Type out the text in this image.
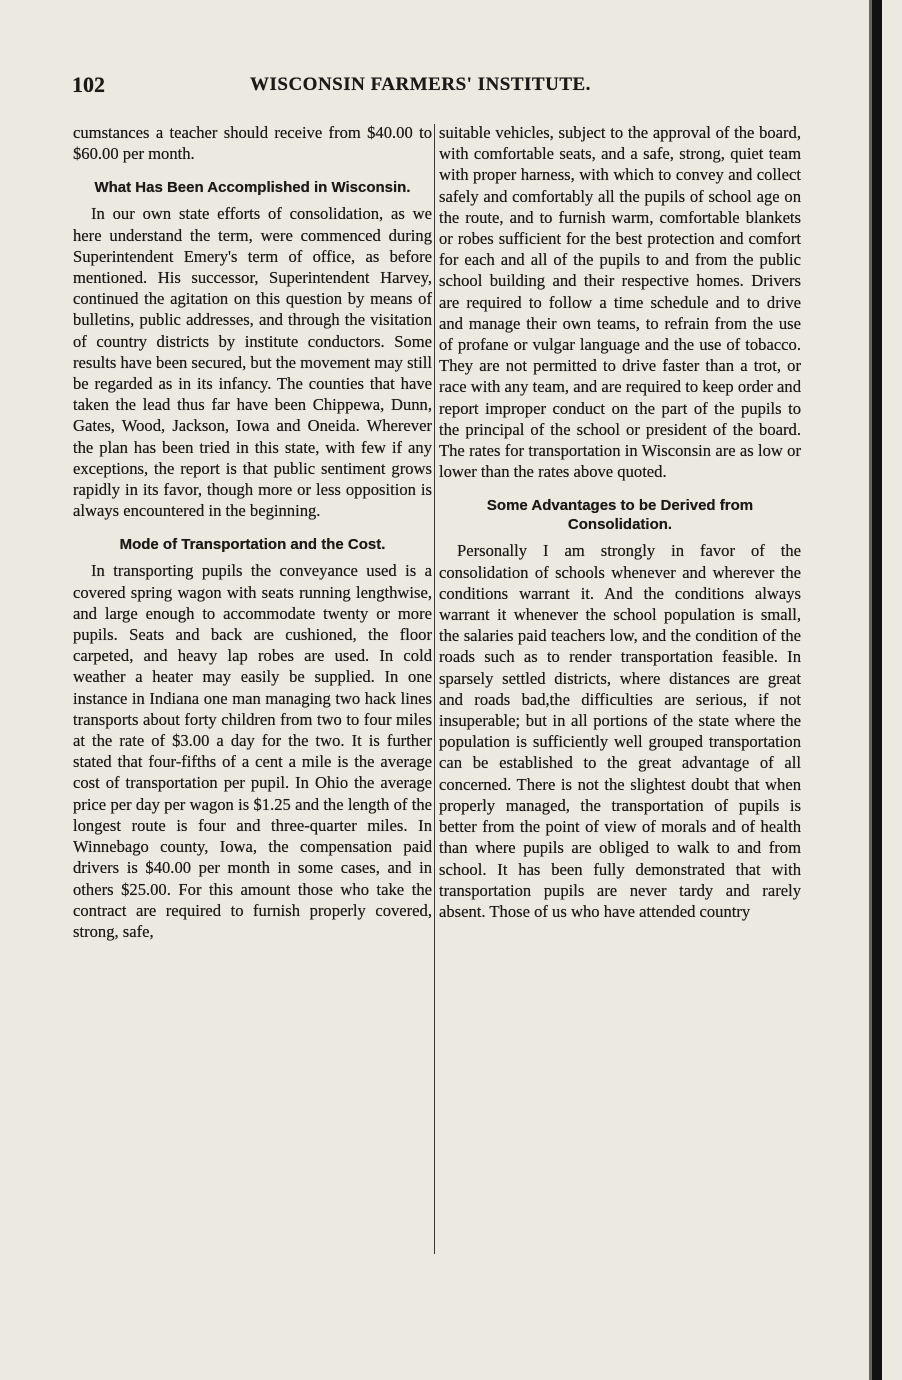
102	WISCONSIN FARMERS' INSTITUTE.

cumstances a teacher should receive from $40.00 to $60.00 per month.

What Has Been Accomplished in Wisconsin.

In our own state efforts of consolidation, as we here understand the term, were commenced during Superintendent Emery's term of office, as before mentioned. His successor, Superintendent Harvey, continued the agitation on this question by means of bulletins, public addresses, and through the visitation of country districts by institute conductors. Some results have been secured, but the movement may still be regarded as in its infancy. The counties that have taken the lead thus far have been Chippewa, Dunn, Gates, Wood, Jackson, Iowa and Oneida. Wherever the plan has been tried in this state, with few if any exceptions, the report is that public sentiment grows rapidly in its favor, though more or less opposition is always encountered in the beginning.

Mode of Transportation and the Cost.

In transporting pupils the conveyance used is a covered spring wagon with seats running lengthwise, and large enough to accommodate twenty or more pupils. Seats and back are cushioned, the floor carpeted, and heavy lap robes are used. In cold weather a heater may easily be supplied. In one instance in Indiana one man managing two hack lines transports about forty children from two to four miles at the rate of $3.00 a day for the two. It is further stated that four-fifths of a cent a mile is the average cost of transportation per pupil. In Ohio the average price per day per wagon is $1.25 and the length of the longest route is four and three-quarter miles. In Winnebago county, Iowa, the compensation paid drivers is $40.00 per month in some cases, and in others $25.00. For this amount those who take the contract are required to furnish properly covered, strong, safe,

suitable vehicles, subject to the approval of the board, with comfortable seats, and a safe, strong, quiet team with proper harness, with which to convey and collect safely and comfortably all the pupils of school age on the route, and to furnish warm, comfortable blankets or robes sufficient for the best protection and comfort for each and all of the pupils to and from the public school building and their respective homes. Drivers are required to follow a time schedule and to drive and manage their own teams, to refrain from the use of profane or vulgar language and the use of tobacco. They are not permitted to drive faster than a trot, or race with any team, and are required to keep order and report improper conduct on the part of the pupils to the principal of the school or president of the board. The rates for transportation in Wisconsin are as low or lower than the rates above quoted.

Some Advantages to be Derived from Consolidation.

Personally I am strongly in favor of the consolidation of schools whenever and wherever the conditions warrant it. And the conditions always warrant it whenever the school population is small, the salaries paid teachers low, and the condition of the roads such as to render transportation feasible. In sparsely settled districts, where distances are great and roads bad,the difficulties are serious, if not insuperable; but in all portions of the state where the population is sufficiently well grouped transportation can be established to the great advantage of all concerned. There is not the slightest doubt that when properly managed, the transportation of pupils is better from the point of view of morals and of health than where pupils are obliged to walk to and from school. It has been fully demonstrated that with transportation pupils are never tardy and rarely absent. Those of us who have attended country
